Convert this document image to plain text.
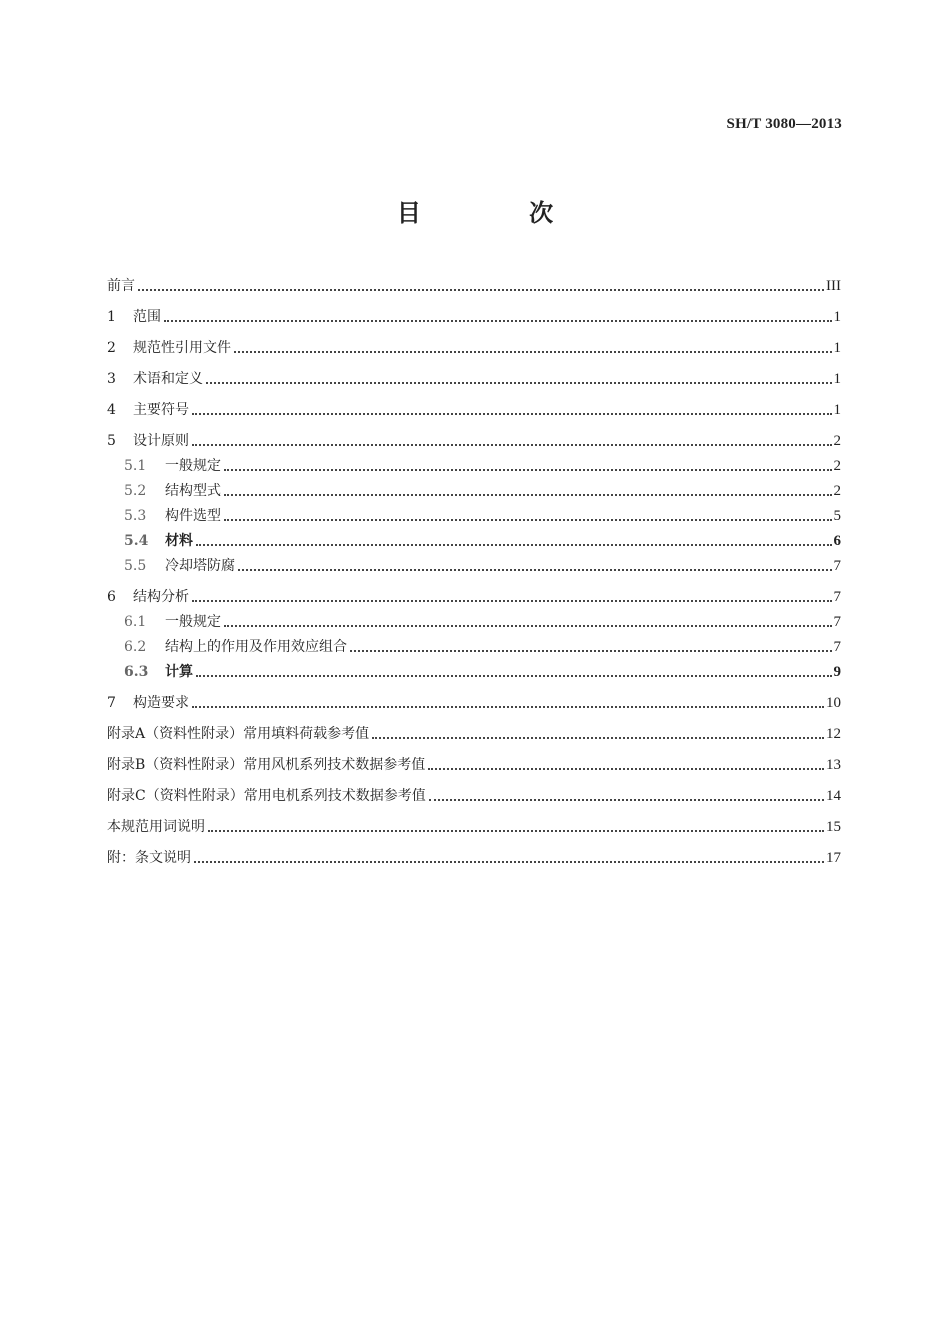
SH/T 3080—2013
目 次
前言	III
1	范围	1
2	规范性引用文件	1
3	术语和定义	1
4	主要符号	1
5	设计原则	2
5.1	一般规定	2
5.2	结构型式	2
5.3	构件选型	5
5.4	材料	6
5.5	冷却塔防腐	7
6	结构分析	7
6.1	一般规定	7
6.2	结构上的作用及作用效应组合	7
6.3	计算	9
7	构造要求	10
附录A（资料性附录）常用填料荷载参考值	12
附录B（资料性附录）常用风机系列技术数据参考值	13
附录C（资料性附录）常用电机系列技术数据参考值	14
本规范用词说明	15
附：条文说明	17
